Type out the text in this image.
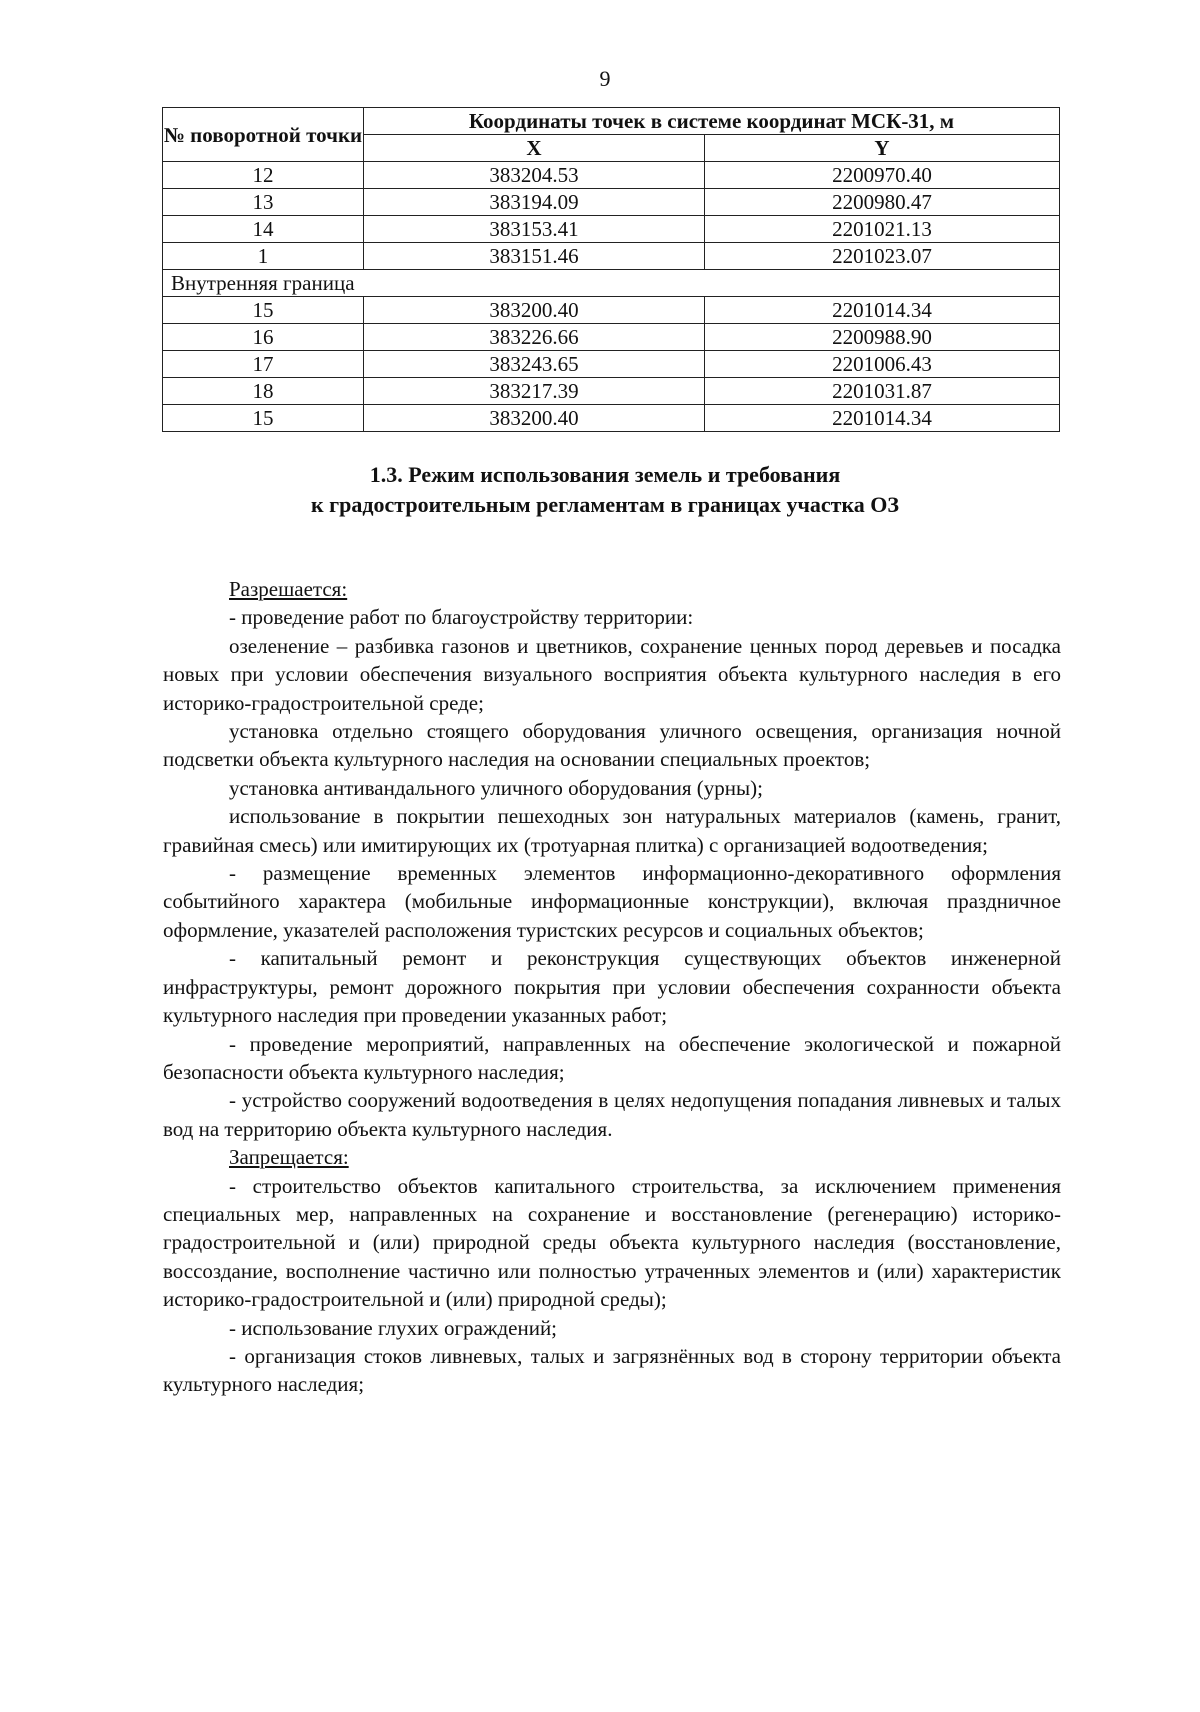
9
№ поворотной точки	Координаты точек в системе координат МСК-31, м	
	X	Y
12	383204.53	2200970.40
13	383194.09	2200980.47
14	383153.41	2201021.13
1	383151.46	2201023.07
Внутренняя граница		
15	383200.40	2201014.34
16	383226.66	2200988.90
17	383243.65	2201006.43
18	383217.39	2201031.87
15	383200.40	2201014.34
1.3. Режим использования земель и требования
к градостроительным регламентам в границах участка ОЗ

Разрешается:

- проведение работ по благоустройству территории:

озеленение – разбивка газонов и цветников, сохранение ценных пород деревьев и посадка новых при условии обеспечения визуального восприятия объекта культурного наследия в его историко-градостроительной среде;

установка отдельно стоящего оборудования уличного освещения, организация ночной подсветки объекта культурного наследия на основании специальных проектов;

установка антивандального уличного оборудования (урны);

использование в покрытии пешеходных зон натуральных материалов (камень, гранит, гравийная смесь) или имитирующих их (тротуарная плитка) с организацией водоотведения;

- размещение временных элементов информационно-декоративного оформления событийного характера (мобильные информационные конструкции), включая праздничное оформление, указателей расположения туристских ресурсов и социальных объектов;

- капитальный ремонт и реконструкция существующих объектов инженерной инфраструктуры, ремонт дорожного покрытия при условии обеспечения сохранности объекта культурного наследия при проведении указанных работ;

- проведение мероприятий, направленных на обеспечение экологической и пожарной безопасности объекта культурного наследия;

- устройство сооружений водоотведения в целях недопущения попадания ливневых и талых вод на территорию объекта культурного наследия.

Запрещается:

- строительство объектов капитального строительства, за исключением применения специальных мер, направленных на сохранение и восстановление (регенерацию) историко-градостроительной и (или) природной среды объекта культурного наследия (восстановление, воссоздание, восполнение частично или полностью утраченных элементов и (или) характеристик историко-градостроительной и (или) природной среды);

- использование глухих ограждений;

- организация стоков ливневых, талых и загрязнённых вод в сторону территории объекта культурного наследия;
